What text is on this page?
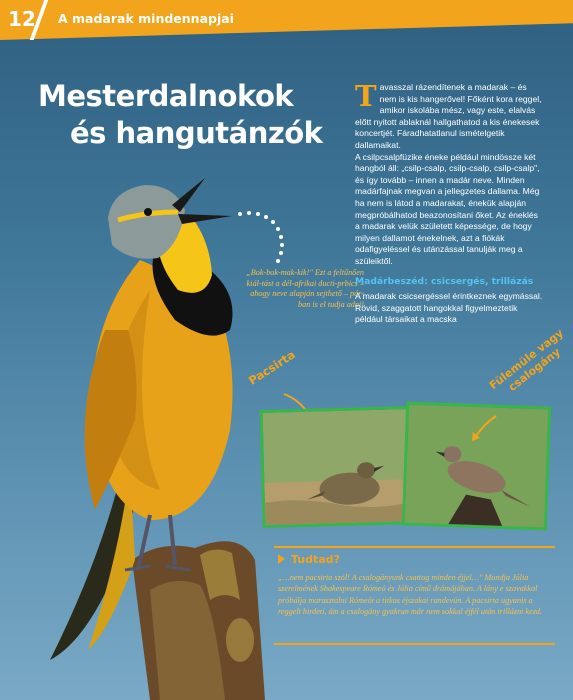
12 A madarak mindennapjai
Mesterdalnokok
és hangutánzók
„Bok-bok-mak-kik!" Ezt a feltűnően kiál-tást a dél-afrikai ducti-prbics – ahogy neve alapján sejthető – pár-ban is el tudja adni!

Tavasszal rázendítenek a madarak – és nem is kis hangerővel! Főként kora reggel, amikor iskolába mész, vagy este, elalvás előtt nyitott ablaknál hallgathatod a kis énekesek koncertjét. Fáradhatatlanul ismételgetik dallamaikat.

A csilpcsalpfüzike éneke például mindössze két hangból áll: „csilp-csalp, csilp-csalp, csilp-csalp", és így tovább – innen a madár neve. Minden madárfajnak megvan a jellegzetes dallama. Még ha nem is látod a madarakat, énekük alapján megpróbálhatod beazonosítani őket. Az éneklés a madarak velük született képessége, de hogy milyen dallamot énekelnek, azt a fiókák odafigyeléssel és utánzással tanulják meg a szüleiktől.

Madárbeszéd: csicsergés, trillázás

A madarak csicsergéssel érintkeznek egymással. Rövid, szaggatott hangokkal figyelmeztetik például társaikat a macska

Pacsirta	Fülemüle vagy csalogány
Tudtad?
„…nem pacsirta szól! A csalogányunk csattog minden éjjel…" Mondja Júlia szerelmének Shakespeare Rómeó és Júlia című drámájában. A lány e szavakkal próbálja marasztalni Rómeót a titkos éjszakai randevún. A pacsirta ugyanis a reggelt hirdeti, ám a csalogány gyakran már nem sokkal éjfél után trillázni kezd.
